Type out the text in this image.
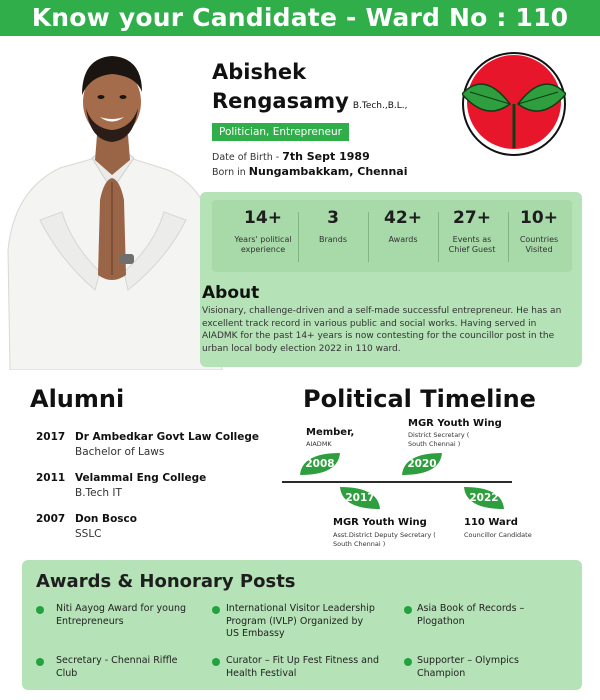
Know your Candidate - Ward No : 110
Abishek
Rengasamy B.Tech.,B.L.,
Politician, Entrepreneur
Date of Birth - 7th Sept 1989
Born in Nungambakkam, Chennai
14+
Years' political experience
3
Brands
42+
Awards
27+
Events as Chief Guest
10+
Countries Visited
About
Visionary, challenge-driven and a self-made successful entrepreneur. He has an excellent track record in various public and social works. Having served in AIADMK for the past 14+ years is now contesting for the councillor post in the urban local body election 2022 in 110 ward.
Alumni
2017 Dr Ambedkar Govt Law College
Bachelor of Laws
2011 Velammal Eng College
B.Tech IT
2007 Don Bosco
SSLC
Political Timeline
Member,
AIADMK
MGR Youth Wing
District Secretary ( South Chennai )
2008
2017
2020
2022
MGR Youth Wing
Asst.District Deputy Secretary ( South Chennai )
110 Ward
Councillor Candidate
Awards & Honorary Posts
Niti Aayog Award for young Entrepreneurs
International Visitor Leadership Program (IVLP) Organized by US Embassy
Asia Book of Records – Plogathon
Secretary - Chennai Riffle Club
Curator – Fit Up Fest Fitness and Health Festival
Supporter – Olympics Champion
